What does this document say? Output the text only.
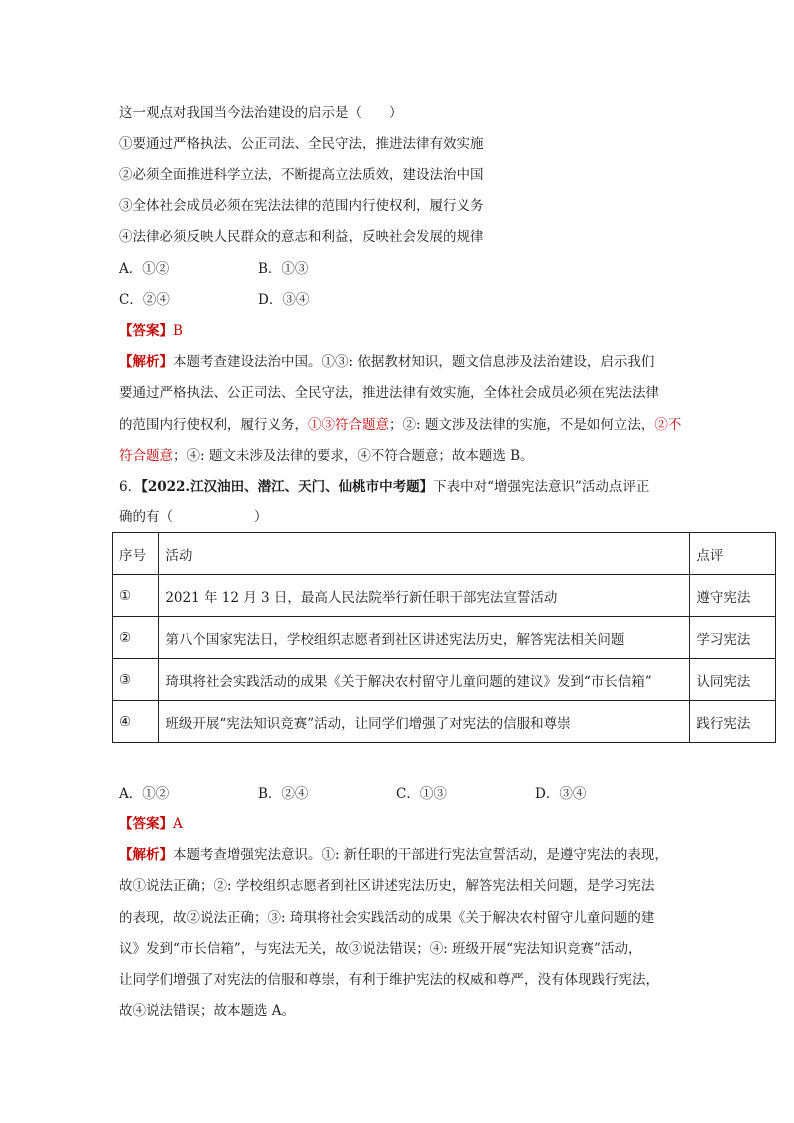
这一观点对我国当今法治建设的启示是（　　）
①要通过严格执法、公正司法、全民守法，推进法律有效实施
②必须全面推进科学立法，不断提高立法质效，建设法治中国
③全体社会成员必须在宪法法律的范围内行使权利，履行义务
④法律必须反映人民群众的意志和利益，反映社会发展的规律
A．①②	B．①③
C．②④	D．③④
【答案】B
【解析】本题考查建设法治中国。①③: 依据教材知识，题文信息涉及法治建设，启示我们
要通过严格执法、公正司法、全民守法，推进法律有效实施，全体社会成员必须在宪法法律
的范围内行使权利，履行义务，①③符合题意；②: 题文涉及法律的实施，不是如何立法，②不
符合题意；④: 题文未涉及法律的要求，④不符合题意；故本题选 B。
6．【2022.江汉油田、潜江、天门、仙桃市中考题】下表中对“增强宪法意识”活动点评正
确的有（　　　　　　）
序号	活动	点评
①	2021 年 12 月 3 日，最高人民法院举行新任职干部宪法宣誓活动	遵守宪法
②	第八个国家宪法日，学校组织志愿者到社区讲述宪法历史，解答宪法相关问题	学习宪法
③	琦琪将社会实践活动的成果《关于解决农村留守儿童问题的建议》发到“市长信箱”	认同宪法
④	班级开展“宪法知识竞赛”活动，让同学们增强了对宪法的信服和尊崇	践行宪法
A．①②	B．②④	C．①③	D．③④
【答案】A
【解析】本题考查增强宪法意识。①: 新任职的干部进行宪法宣誓活动，是遵守宪法的表现，
故①说法正确；②: 学校组织志愿者到社区讲述宪法历史，解答宪法相关问题，是学习宪法
的表现，故②说法正确；③: 琦琪将社会实践活动的成果《关于解决农村留守儿童问题的建
议》发到“市长信箱”，与宪法无关，故③说法错误；④: 班级开展“宪法知识竞赛”活动，
让同学们增强了对宪法的信服和尊崇，有利于维护宪法的权威和尊严，没有体现践行宪法，
故④说法错误；故本题选 A。
